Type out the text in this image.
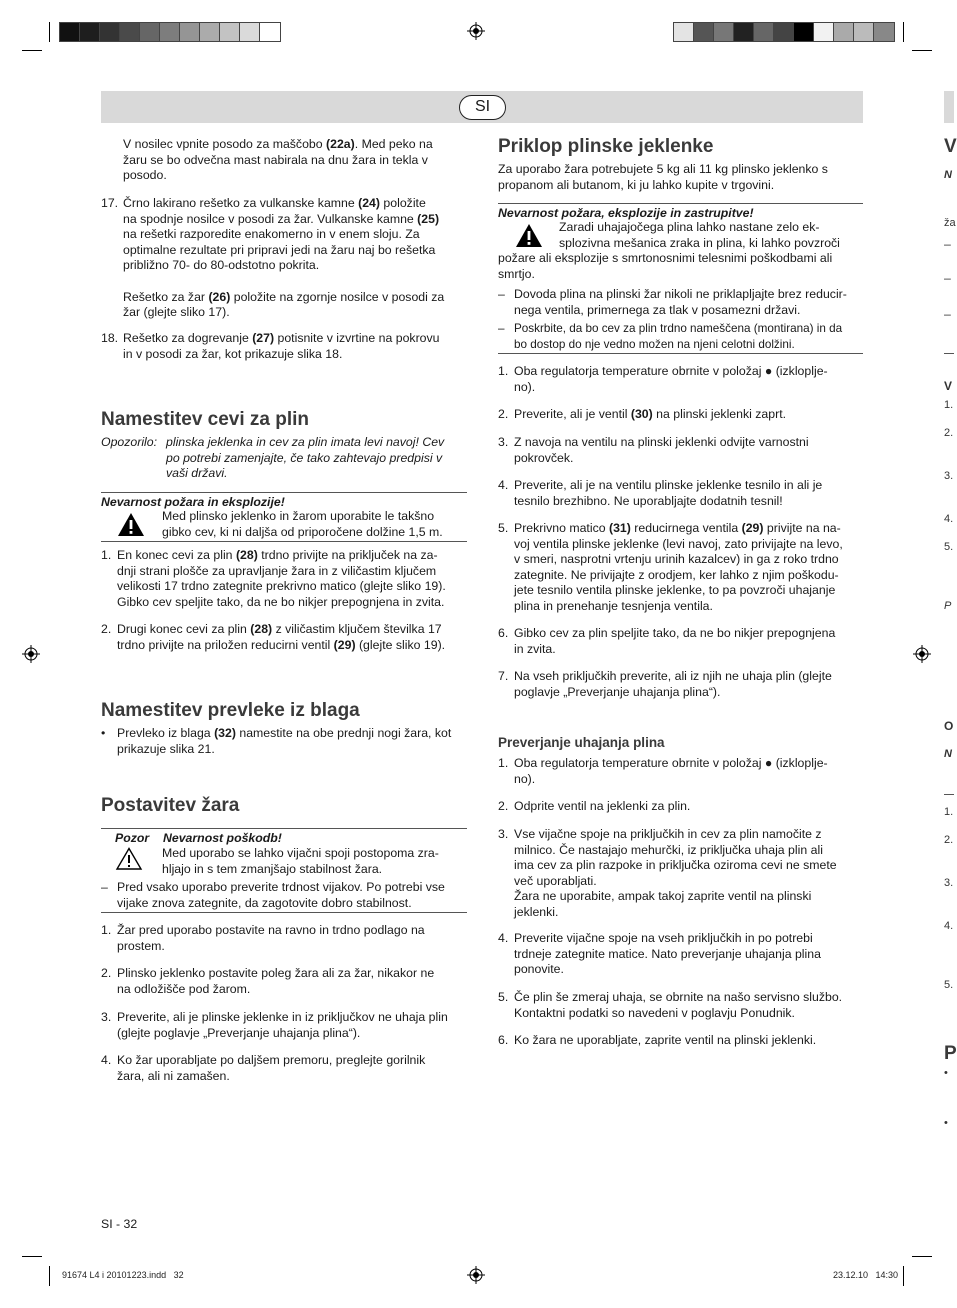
SI

V nosilec vpnite posodo za maščobo (22a). Med peko na

žaru se bo odvečna mast nabirala na dnu žara in tekla v

posodo.

17. Črno lakirano rešetko za vulkanske kamne (24) položite

na spodnje nosilce v posodi za žar. Vulkanske kamne (25)

na rešetki razporedite enakomerno in v enem sloju. Za

optimalne rezultate pri pripravi jedi na žaru naj bo rešetka

približno 70- do 80-odstotno pokrita.

Rešetko za žar (26) položite na zgornje nosilce v posodi za

žar (glejte sliko 17).

18. Rešetko za dogrevanje (27) potisnite v izvrtine na pokrovu

in v posodi za žar, kot prikazuje slika 18.

Namestitev cevi za plin
Opozorilo: plinska jeklenka in cev za plin imata levi navoj! Cev

po potrebi zamenjajte, če tako zahtevajo predpisi v

vaši državi.

Nevarnost požara in eksplozije!

Med plinsko jeklenko in žarom uporabite le takšno

gibko cev, ki ni daljša od priporočene dolžine 1,5 m.

1. En konec cevi za plin (28) trdno privijte na priključek na za-

dnji strani plošče za upravljanje žara in z viličastim ključem

velikosti 17 trdno zategnite prekrivno matico (glejte sliko 19).

Gibko cev speljite tako, da ne bo nikjer prepognjena in zvita.

2. Drugi konec cevi za plin (28) z viličastim ključem številka 17

trdno privijte na priložen reducirni ventil (29) (glejte sliko 19).

Namestitev prevleke iz blaga
• Prevleko iz blaga (32) namestite na obe prednji nogi žara, kot

prikazuje slika 21.

Postavitev žara
Pozor Nevarnost poškodb!

Med uporabo se lahko vijačni spoji postopoma zra-

hljajo in s tem zmanjšajo stabilnost žara.

– Pred vsako uporabo preverite trdnost vijakov. Po potrebi vse

vijake znova zategnite, da zagotovite dobro stabilnost.

1. Žar pred uporabo postavite na ravno in trdno podlago na

prostem.

2. Plinsko jeklenko postavite poleg žara ali za žar, nikakor ne

na odložišče pod žarom.

3. Preverite, ali je plinske jeklenke in iz priključkov ne uhaja plin

(glejte poglavje „Preverjanje uhajanja plina“).

4. Ko žar uporabljate po daljšem premoru, preglejte gorilnik

žara, ali ni zamašen.

Priklop plinske jeklenke

Za uporabo žara potrebujete 5 kg ali 11 kg plinsko jeklenko s

propanom ali butanom, ki ju lahko kupite v trgovini.

Nevarnost požara, eksplozije in zastrupitve!

Zaradi uhajajočega plina lahko nastane zelo ek-

splozivna mešanica zraka in plina, ki lahko povzroči

požare ali eksplozije s smrtonosnimi telesnimi poškodbami ali

smrtjo.

– Dovoda plina na plinski žar nikoli ne priklapljajte brez reducir-

nega ventila, primernega za tlak v posamezni državi.

– Poskrbite, da bo cev za plin trdno nameščena (montirana) in da

bo dostop do nje vedno možen na njeni celotni dolžini.

1. Oba regulatorja temperature obrnite v položaj ● (izklopljе-

no).

2. Preverite, ali je ventil (30) na plinski jeklenki zaprt.

3. Z navoja na ventilu na plinski jeklenki odvijte varnostni

pokrovček.

4. Preverite, ali je na ventilu plinske jeklenke tesnilo in ali je

tesnilo brezhibno. Ne uporabljajte dodatnih tesnil!

5. Prekrivno matico (31) reducirnega ventila (29) privijte na na-

voj ventila plinske jeklenke (levi navoj, zato privijajte na levo,

v smeri, nasprotni vrtenju urinih kazalcev) in ga z roko trdno

zategnite. Ne privijajte z orodjem, ker lahko z njim poškodu-

jete tesnilo ventila plinske jeklenke, to pa povzroči uhajanje

plina in prenehanje tesnjenja ventila.

6. Gibko cev za plin speljite tako, da ne bo nikjer prepognjena

in zvita.

7. Na vseh priključkih preverite, ali iz njih ne uhaja plin (glejte

poglavje „Preverjanje uhajanja plina“).

Preverjanje uhajanja plina
1. Oba regulatorja temperature obrnite v položaj ● (izklopljе-

no).

2. Odprite ventil na jeklenki za plin.

3. Vse vijačne spoje na priključkih in cev za plin namočite z

milnico. Če nastajajo mehurčki, iz priključka uhaja plin ali

ima cev za plin razpoke in priključka oziroma cevi ne smete

več uporabljati.

Žara ne uporabite, ampak takoj zaprite ventil na plinski

jeklenki.

4. Preverite vijačne spoje na vseh priključkih in po potrebi

trdneje zategnite matice. Nato preverjanje uhajanja plina

ponovite.

5. Če plin še zmeraj uhaja, se obrnite na našo servisno službo.

Kontaktni podatki so navedeni v poglavju Ponudnik.

6. Ko žara ne uporabljate, zaprite ventil na plinski jeklenki.

V
N
ža
–
–
–
V
1.
2.
3.
4.
5.
P
O
N
1.
2.
3.
4.
5.
P
•
•
SI - 32
91674 L4 i 20101223.indd   32	23.12.10   14:30
